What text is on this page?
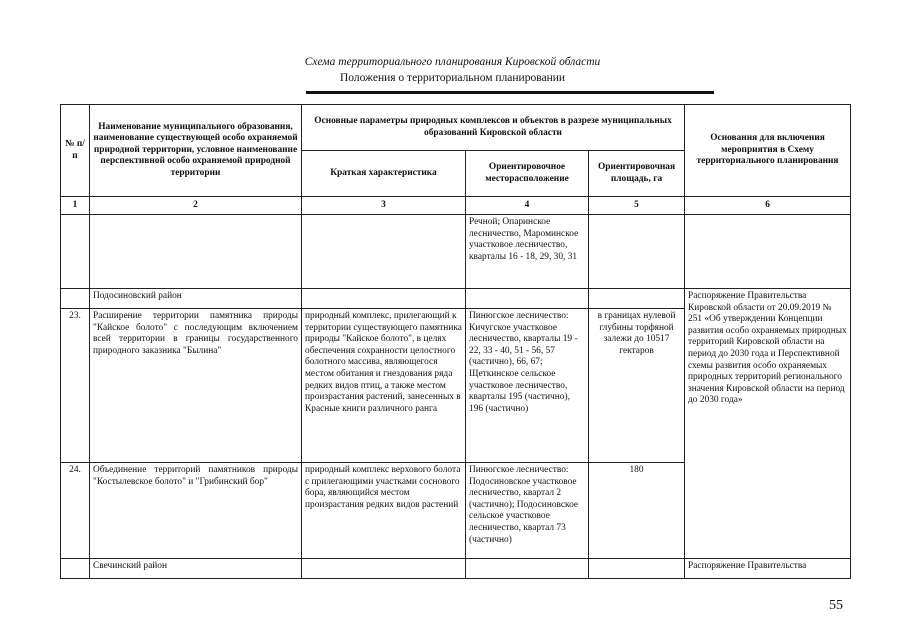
Схема территориального планирования Кировской области
Положения о территориальном планировании
№ п/п	Наименование муниципального образования, наименование существующей особо охраняемой природной территории, условное наименование перспективной особо охраняемой природной территории	Основные параметры природных комплексов и объектов в разрезе муниципальных образований Кировской области			Основания для включения мероприятия в Схему территориального планирования
		Краткая характеристика	Ориентировочное месторасположение	Ориентировочная площадь, га	
1	2	3	4	5	6
			Речной; Опаринское лесничество, Мароминское участковое лесничество, кварталы 16 - 18, 29, 30, 31		
	Подосиновский район				Распоряжение Правительства Кировской области от 20.09.2019 № 251 «Об утверждении Концепции развития особо охраняемых природных территорий Кировской области на период до 2030 года и Перспективной схемы развития особо охраняемых природных территорий регионального значения Кировской области на период до 2030 года»
23.	Расширение территории памятника природы "Кайское болото" с последующим включением всей территории в границы государственного природного заказника "Былина"	природный комплекс, прилегающий к территории существующего памятника природы "Кайское болото", в целях обеспечения сохранности целостного болотного массива, являющегося местом обитания и гнездования ряда редких видов птиц, а также местом произрастания растений, занесенных в Красные книги различного ранга	Пинюгское лесничество: Кичугское участковое лесничество, кварталы 19 - 22, 33 - 40, 51 - 56, 57 (частично), 66, 67; Щеткинское сельское участковое лесничество, кварталы 195 (частично), 196 (частично)	в границах нулевой глубины торфяной залежи до 10517 гектаров	
24.	Объединение территорий памятников природы "Костылевское болото" и "Грибинский бор"	природный комплекс верхового болота с прилегающими участками соснового бора, являющийся местом произрастания редких видов растений	Пинюгское лесничество: Подосиновское участковое лесничество, квартал 2 (частично); Подосиновское сельское участковое лесничество, квартал 73 (частично)	180	
	Свечинский район				Распоряжение Правительства
55
